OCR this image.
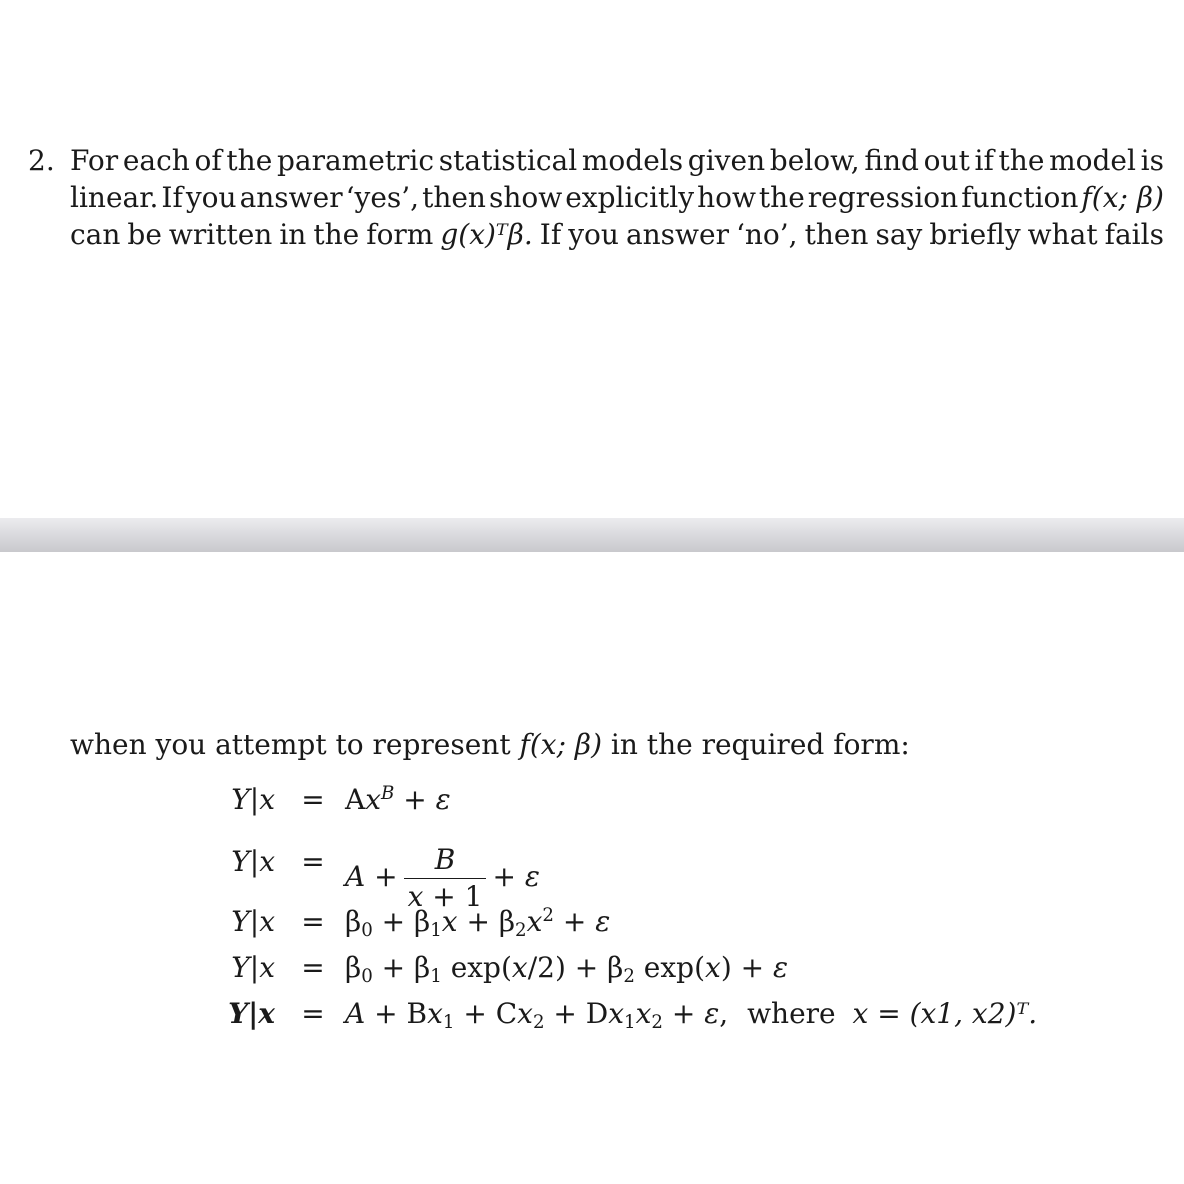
2. For each of the parametric statistical models given below, find out if the model is
linear. If you answer ‘yes’, then show explicitly how the regression function f(x; β)
can be written in the form g(x)ᵀβ. If you answer ‘no’, then say briefly what fails
when you attempt to represent f(x; β) in the required form:
$Y|x = Ax^B + \varepsilon$
$Y|x = A + \frac{B}{x + 1} + \varepsilon$
$Y|x = \beta_0 + \beta_1x + \beta_2x^2 + \varepsilon$
$Y|x = \beta_0 + \beta_1$ $\exp(x/2) + \beta_2$ exp(x) + ε
$Y|x = A + Bx_1 + Cx_2 + Dx_1x_2 + \varepsilon$, where x = (x1, x2)ᵀ.
